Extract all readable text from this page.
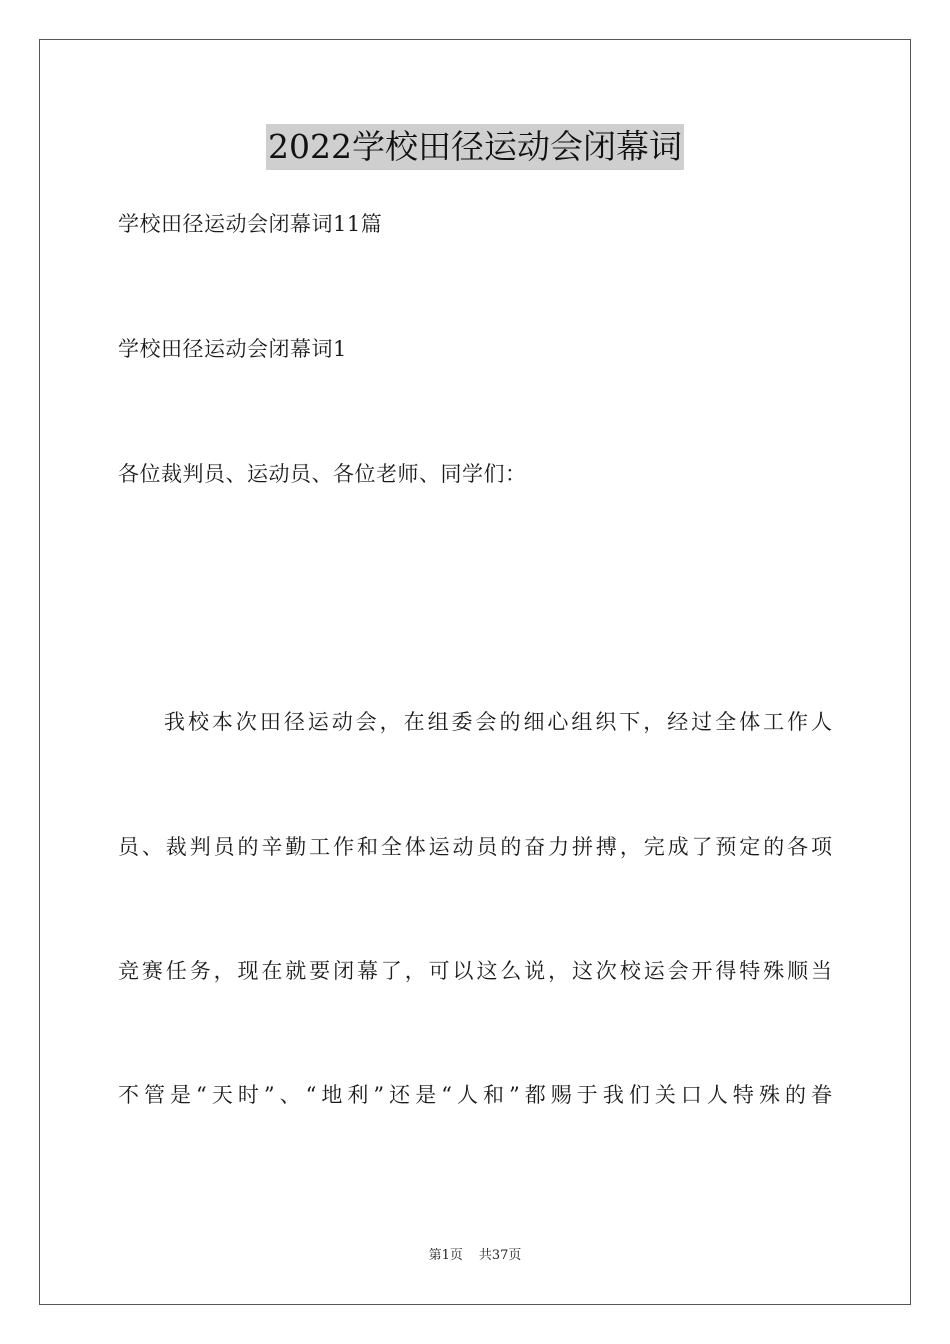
2022学校田径运动会闭幕词

学校田径运动会闭幕词11篇

学校田径运动会闭幕词1

各位裁判员、运动员、各位老师、同学们：

我校本次田径运动会，在组委会的细心组织下，经过全体工作人

员、裁判员的辛勤工作和全体运动员的奋力拼搏，完成了预定的各项

竞赛任务，现在就要闭幕了，可以这么说，这次校运会开得特殊顺当

不管是“天时”、“地利”还是“人和”都赐于我们关口人特殊的眷

第1页 共37页
